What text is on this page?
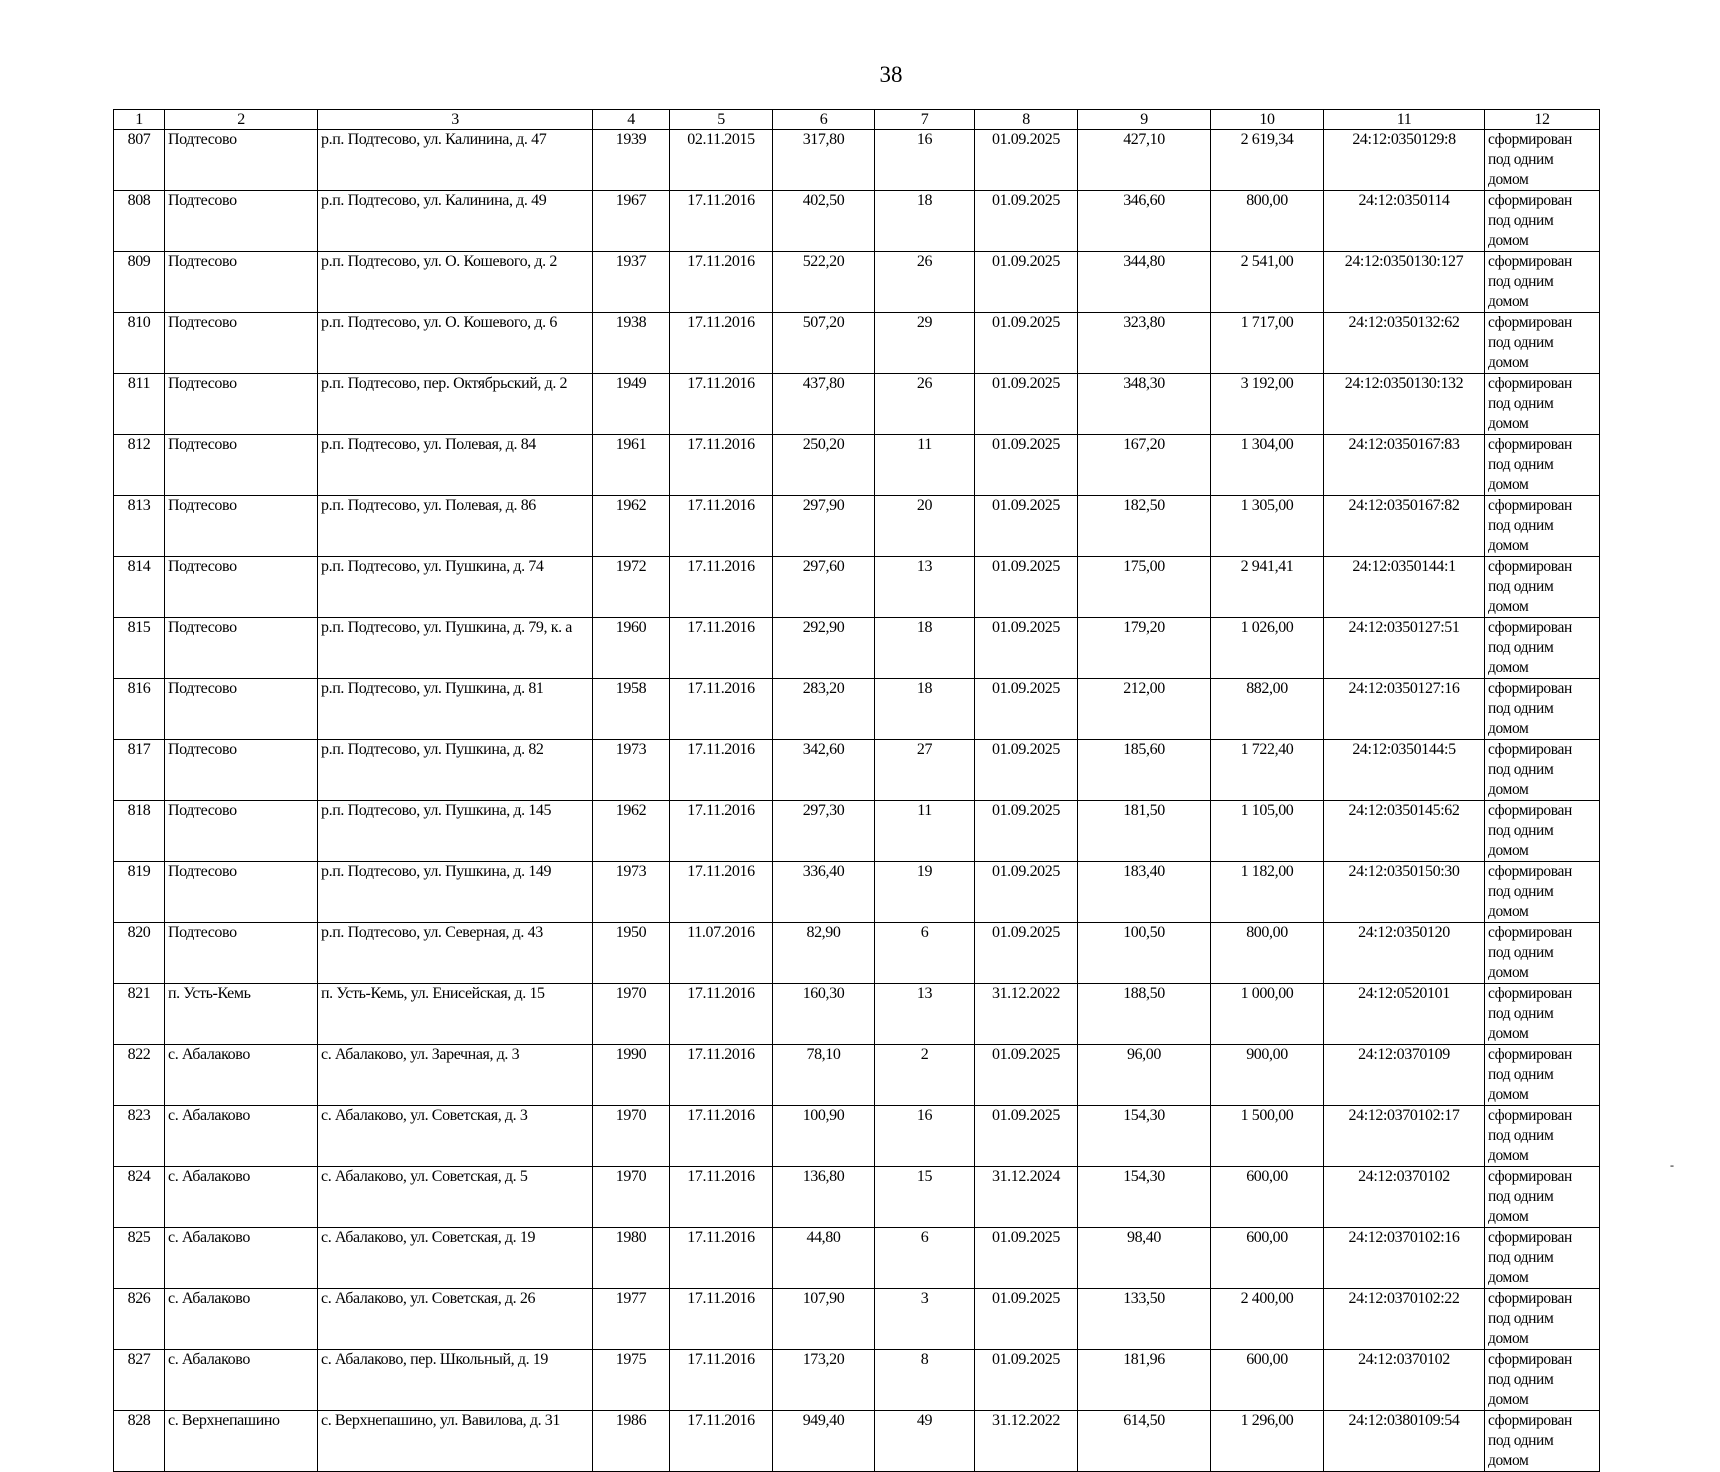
38
1	2	3	4	5	6	7	8	9	10	11	12
807	Подтесово	р.п. Подтесово, ул. Калинина, д. 47	1939	02.11.2015	317,80	16	01.09.2025	427,10	2 619,34	24:12:0350129:8	сформирован под одним домом
808	Подтесово	р.п. Подтесово, ул. Калинина, д. 49	1967	17.11.2016	402,50	18	01.09.2025	346,60	800,00	24:12:0350114	сформирован под одним домом
809	Подтесово	р.п. Подтесово, ул. О. Кошевого, д. 2	1937	17.11.2016	522,20	26	01.09.2025	344,80	2 541,00	24:12:0350130:127	сформирован под одним домом
810	Подтесово	р.п. Подтесово, ул. О. Кошевого, д. 6	1938	17.11.2016	507,20	29	01.09.2025	323,80	1 717,00	24:12:0350132:62	сформирован под одним домом
811	Подтесово	р.п. Подтесово, пер. Октябрьский, д. 2	1949	17.11.2016	437,80	26	01.09.2025	348,30	3 192,00	24:12:0350130:132	сформирован под одним домом
812	Подтесово	р.п. Подтесово, ул. Полевая, д. 84	1961	17.11.2016	250,20	11	01.09.2025	167,20	1 304,00	24:12:0350167:83	сформирован под одним домом
813	Подтесово	р.п. Подтесово, ул. Полевая, д. 86	1962	17.11.2016	297,90	20	01.09.2025	182,50	1 305,00	24:12:0350167:82	сформирован под одним домом
814	Подтесово	р.п. Подтесово, ул. Пушкина, д. 74	1972	17.11.2016	297,60	13	01.09.2025	175,00	2 941,41	24:12:0350144:1	сформирован под одним домом
815	Подтесово	р.п. Подтесово, ул. Пушкина, д. 79, к. а	1960	17.11.2016	292,90	18	01.09.2025	179,20	1 026,00	24:12:0350127:51	сформирован под одним домом
816	Подтесово	р.п. Подтесово, ул. Пушкина, д. 81	1958	17.11.2016	283,20	18	01.09.2025	212,00	882,00	24:12:0350127:16	сформирован под одним домом
817	Подтесово	р.п. Подтесово, ул. Пушкина, д. 82	1973	17.11.2016	342,60	27	01.09.2025	185,60	1 722,40	24:12:0350144:5	сформирован под одним домом
818	Подтесово	р.п. Подтесово, ул. Пушкина, д. 145	1962	17.11.2016	297,30	11	01.09.2025	181,50	1 105,00	24:12:0350145:62	сформирован под одним домом
819	Подтесово	р.п. Подтесово, ул. Пушкина, д. 149	1973	17.11.2016	336,40	19	01.09.2025	183,40	1 182,00	24:12:0350150:30	сформирован под одним домом
820	Подтесово	р.п. Подтесово, ул. Северная, д. 43	1950	11.07.2016	82,90	6	01.09.2025	100,50	800,00	24:12:0350120	сформирован под одним домом
821	п. Усть-Кемь	п. Усть-Кемь, ул. Енисейская, д. 15	1970	17.11.2016	160,30	13	31.12.2022	188,50	1 000,00	24:12:0520101	сформирован под одним домом
822	с. Абалаково	с. Абалаково, ул. Заречная, д. 3	1990	17.11.2016	78,10	2	01.09.2025	96,00	900,00	24:12:0370109	сформирован под одним домом
823	с. Абалаково	с. Абалаково, ул. Советская, д. 3	1970	17.11.2016	100,90	16	01.09.2025	154,30	1 500,00	24:12:0370102:17	сформирован под одним домом
824	с. Абалаково	с. Абалаково, ул. Советская, д. 5	1970	17.11.2016	136,80	15	31.12.2024	154,30	600,00	24:12:0370102	сформирован под одним домом
825	с. Абалаково	с. Абалаково, ул. Советская, д. 19	1980	17.11.2016	44,80	6	01.09.2025	98,40	600,00	24:12:0370102:16	сформирован под одним домом
826	с. Абалаково	с. Абалаково, ул. Советская, д. 26	1977	17.11.2016	107,90	3	01.09.2025	133,50	2 400,00	24:12:0370102:22	сформирован под одним домом
827	с. Абалаково	с. Абалаково, пер. Школьный, д. 19	1975	17.11.2016	173,20	8	01.09.2025	181,96	600,00	24:12:0370102	сформирован под одним домом
828	с. Верхнепашино	с. Верхнепашино, ул. Вавилова, д. 31	1986	17.11.2016	949,40	49	31.12.2022	614,50	1 296,00	24:12:0380109:54	сформирован под одним домом
-
